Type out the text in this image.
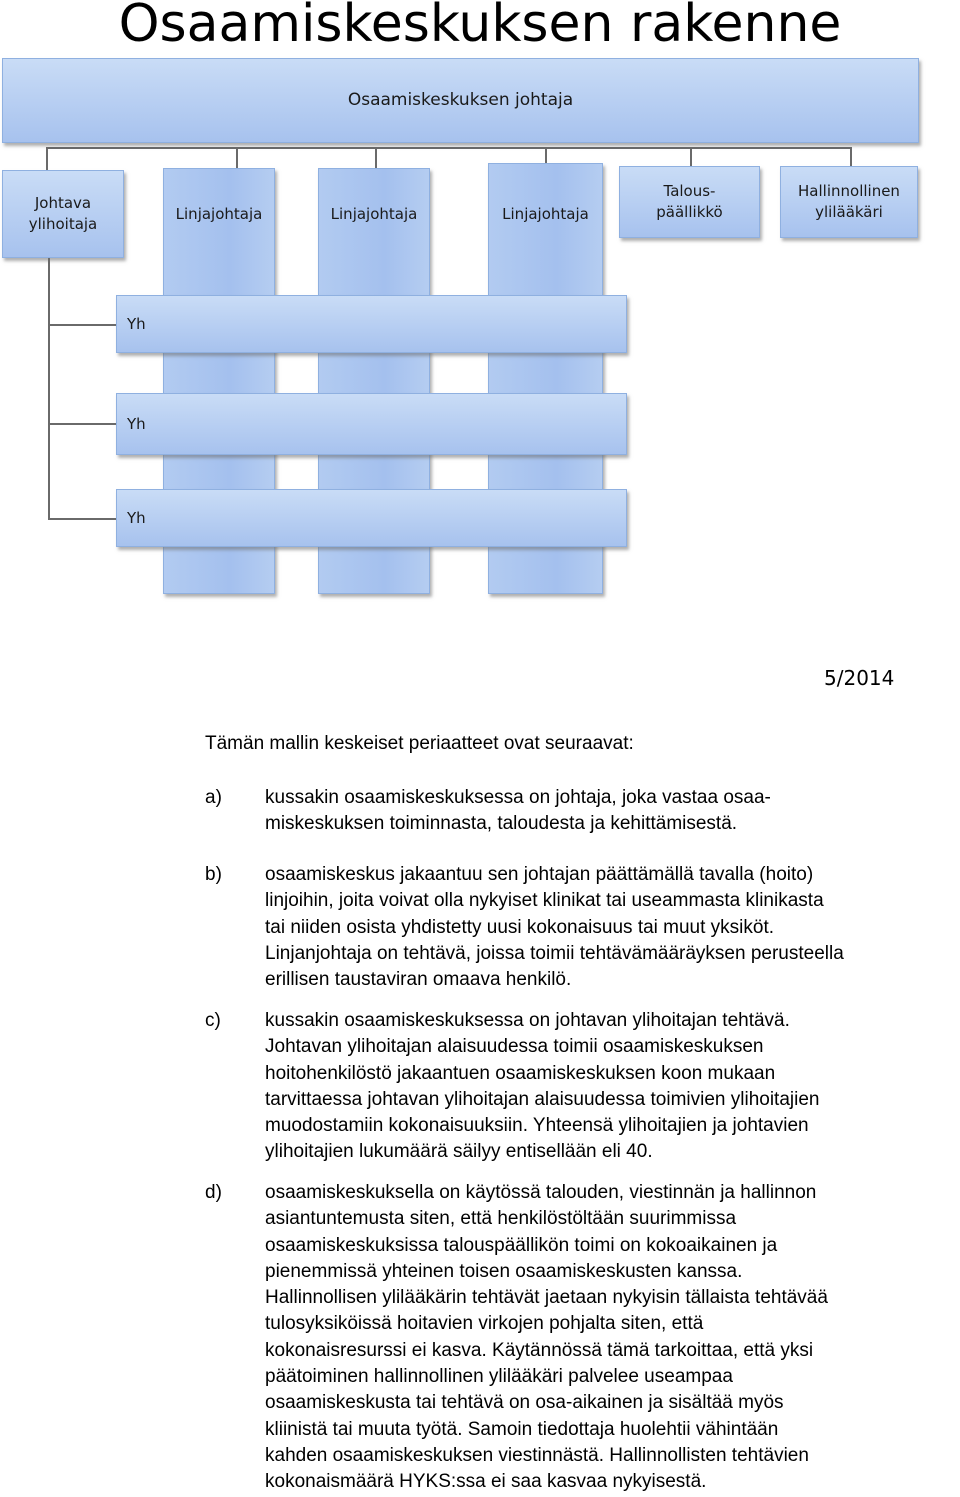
Osaamiskeskuksen rakenne
Osaamiskeskuksen johtaja
Johtava
ylihoitaja
Linjajohtaja	Linjajohtaja	Linjajohtaja
Talous-
päällikkö
Hallinnollinen
ylilääkäri
Yh
Yh
Yh
5/2014
Tämän mallin keskeiset periaatteet ovat seuraavat:
a) kussakin osaamiskeskuksessa on johtaja, joka vastaa osaa-
miskeskuksen toiminnasta, taloudesta ja kehittämisestä.
b) osaamiskeskus jakaantuu sen johtajan päättämällä tavalla (hoito)
linjoihin, joita voivat olla nykyiset klinikat tai useammasta klinikasta
tai niiden osista yhdistetty uusi kokonaisuus tai muut yksiköt.
Linjanjohtaja on tehtävä, joissa toimii tehtävämääräyksen perusteella
erillisen taustaviran omaava henkilö.
c) kussakin osaamiskeskuksessa on johtavan ylihoitajan tehtävä.
Johtavan ylihoitajan alaisuudessa toimii osaamiskeskuksen
hoitohenkilöstö jakaantuen osaamiskeskuksen koon mukaan
tarvittaessa johtavan ylihoitajan alaisuudessa toimivien ylihoitajien
muodostamiin kokonaisuuksiin. Yhteensä ylihoitajien ja johtavien
ylihoitajien lukumäärä säilyy entisellään eli 40.
d) osaamiskeskuksella on käytössä talouden, viestinnän ja hallinnon
asiantuntemusta siten, että henkilöstöltään suurimmissa
osaamiskeskuksissa talouspäällikön toimi on kokoaikainen ja
pienemmissä yhteinen toisen osaamiskeskusten kanssa.
Hallinnollisen ylilääkärin tehtävät jaetaan nykyisin tällaista tehtävää
tulosyksiköissä hoitavien virkojen pohjalta siten, että
kokonaisresurssi ei kasva. Käytännössä tämä tarkoittaa, että yksi
päätoiminen hallinnollinen ylilääkäri palvelee useampaa
osaamiskeskusta tai tehtävä on osa-aikainen ja sisältää myös
kliinistä tai muuta työtä. Samoin tiedottaja huolehtii vähintään
kahden osaamiskeskuksen viestinnästä. Hallinnollisten tehtävien
kokonaismäärä HYKS:ssa ei saa kasvaa nykyisestä.
